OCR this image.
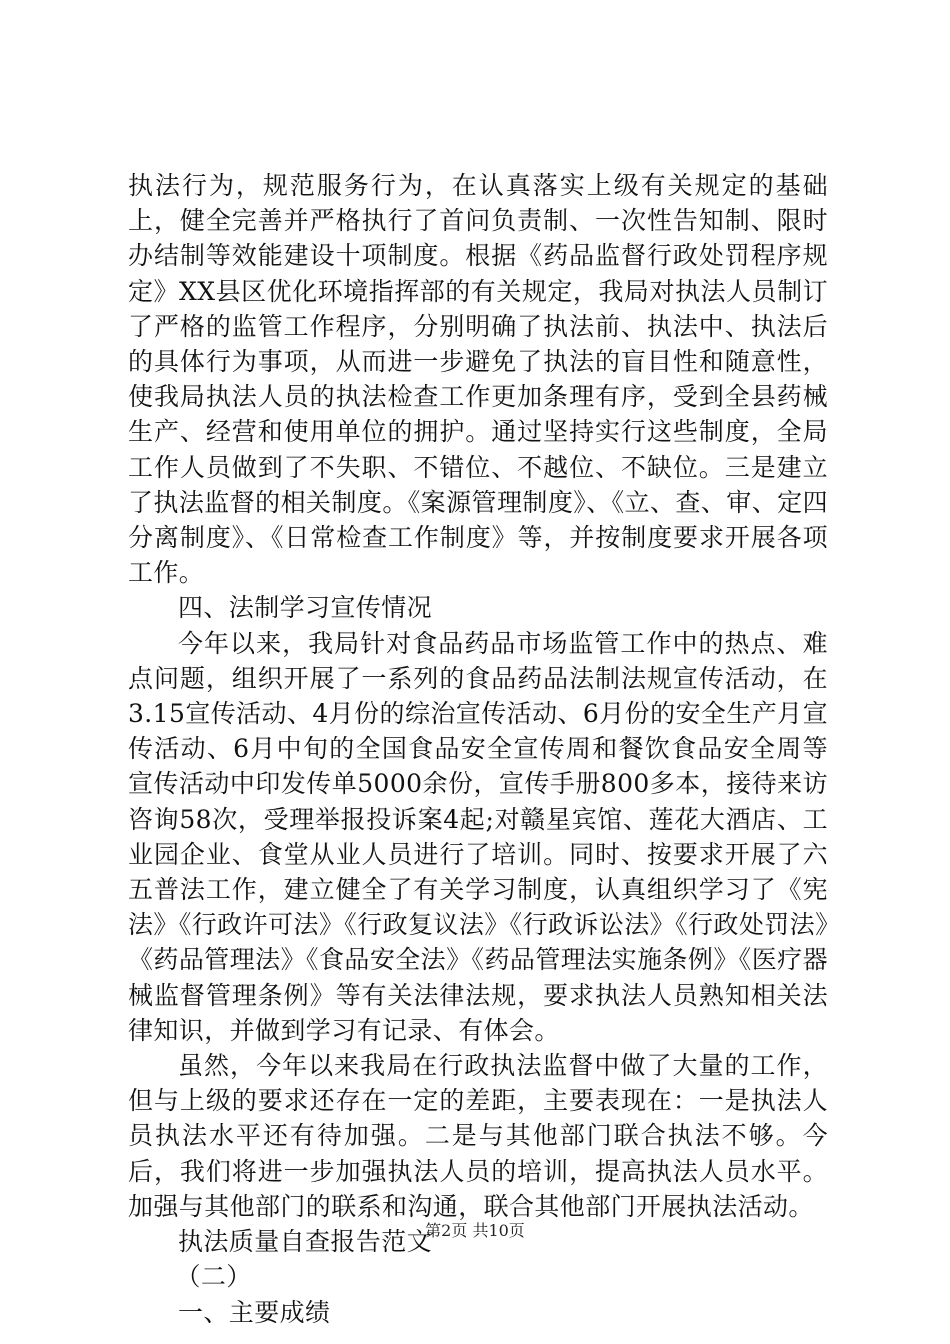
执法行为，规范服务行为，在认真落实上级有关规定的基础上，健全完善并严格执行了首问负责制、一次性告知制、限时办结制等效能建设十项制度。根据《药品监督行政处罚程序规定》XX县区优化环境指挥部的有关规定，我局对执法人员制订了严格的监管工作程序，分别明确了执法前、执法中、执法后的具体行为事项，从而进一步避免了执法的盲目性和随意性，使我局执法人员的执法检查工作更加条理有序，受到全县药械生产、经营和使用单位的拥护。通过坚持实行这些制度，全局工作人员做到了不失职、不错位、不越位、不缺位。三是建立了执法监督的相关制度。《案源管理制度》、《立、查、审、定四分离制度》、《日常检查工作制度》等，并按制度要求开展各项工作。

四、法制学习宣传情况

今年以来，我局针对食品药品市场监管工作中的热点、难点问题，组织开展了一系列的食品药品法制法规宣传活动，在3.15宣传活动、4月份的综治宣传活动、6月份的安全生产月宣传活动、6月中旬的全国食品安全宣传周和餐饮食品安全周等宣传活动中印发传单5000余份，宣传手册800多本，接待来访咨询58次，受理举报投诉案4起;对赣星宾馆、莲花大酒店、工业园企业、食堂从业人员进行了培训。同时、按要求开展了六五普法工作，建立健全了有关学习制度，认真组织学习了《宪法》《行政许可法》《行政复议法》《行政诉讼法》《行政处罚法》《药品管理法》《食品安全法》《药品管理法实施条例》《医疗器械监督管理条例》等有关法律法规，要求执法人员熟知相关法律知识，并做到学习有记录、有体会。

虽然，今年以来我局在行政执法监督中做了大量的工作，但与上级的要求还存在一定的差距，主要表现在：一是执法人员执法水平还有待加强。二是与其他部门联合执法不够。今后，我们将进一步加强执法人员的培训，提高执法人员水平。加强与其他部门的联系和沟通，联合其他部门开展执法活动。

执法质量自查报告范文

（二）

一、主要成绩

第2页 共10页
